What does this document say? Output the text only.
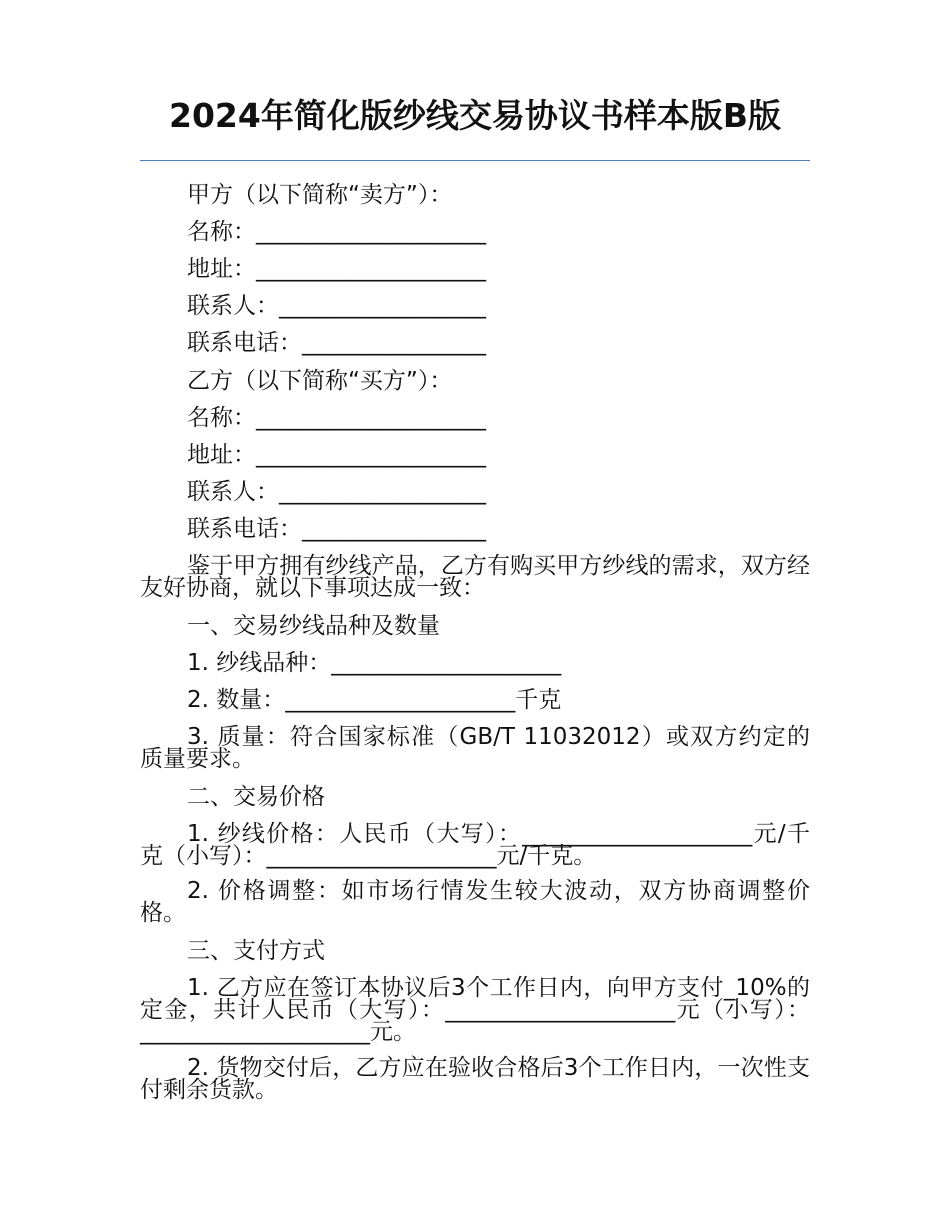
2024年简化版纱线交易协议书样本版B版
甲方（以下简称“卖方”）：
名称：____________________
地址：____________________
联系人：__________________
联系电话：________________
乙方（以下简称“买方”）：
名称：____________________
地址：____________________
联系人：__________________
联系电话：________________
鉴于甲方拥有纱线产品，乙方有购买甲方纱线的需求，双方经友好协商，就以下事项达成一致：
一、交易纱线品种及数量
1. 纱线品种：____________________
2. 数量：____________________千克
3. 质量：符合国家标准（GB/T 11032012）或双方约定的质量要求。
二、交易价格
1. 纱线价格：人民币（大写）：____________________元/千克（小写）：____________________元/千克。
2. 价格调整：如市场行情发生较大波动，双方协商调整价格。
三、支付方式
1. 乙方应在签订本协议后3个工作日内，向甲方支付_10%的定金，共计人民币（大写）：____________________元（小写）：____________________元。
2. 货物交付后，乙方应在验收合格后3个工作日内，一次性支付剩余货款。
